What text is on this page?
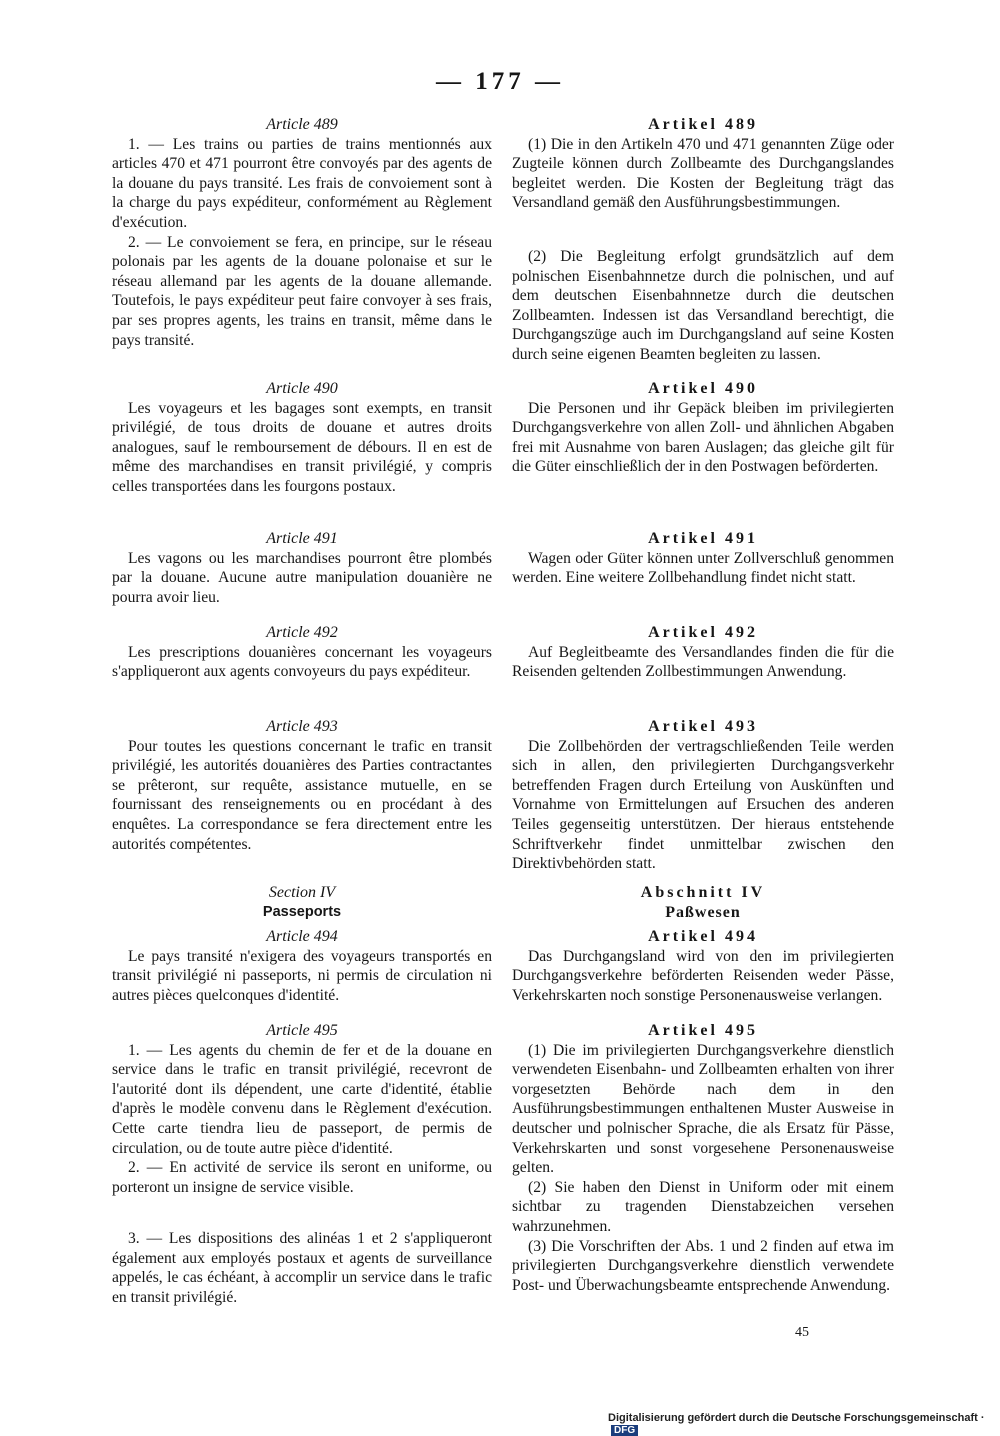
— 177 —
Article 489

1. — Les trains ou parties de trains mentionnés aux articles 470 et 471 pourront être convoyés par des agents de la douane du pays transité. Les frais de convoiement sont à la charge du pays expéditeur, conformément au Règlement d'exécution.

2. — Le convoiement se fera, en principe, sur le réseau polonais par les agents de la douane polonaise et sur le réseau allemand par les agents de la douane allemande. Toutefois, le pays expéditeur peut faire convoyer à ses frais, par ses propres agents, les trains en transit, même dans le pays transité.

Article 490

Les voyageurs et les bagages sont exempts, en transit privilégié, de tous droits de douane et autres droits analogues, sauf le remboursement de débours. Il en est de même des marchandises en transit privilégié, y compris celles transportées dans les fourgons postaux.

Article 491

Les vagons ou les marchandises pourront être plombés par la douane. Aucune autre manipulation douanière ne pourra avoir lieu.

Article 492

Les prescriptions douanières concernant les voyageurs s'appliqueront aux agents convoyeurs du pays expéditeur.

Article 493

Pour toutes les questions concernant le trafic en transit privilégié, les autorités douanières des Parties contractantes se prêteront, sur requête, assistance mutuelle, en se fournissant des renseignements ou en procédant à des enquêtes. La correspondance se fera directement entre les autorités compétentes.

Section IV
Passeports
Article 494

Le pays transité n'exigera des voyageurs transportés en transit privilégié ni passeports, ni permis de circulation ni autres pièces quelconques d'identité.

Article 495

1. — Les agents du chemin de fer et de la douane en service dans le trafic en transit privilégié, recevront de l'autorité dont ils dépendent, une carte d'identité, établie d'après le modèle convenu dans le Règlement d'exécution. Cette carte tiendra lieu de passeport, de permis de circulation, ou de toute autre pièce d'identité.

2. — En activité de service ils seront en uniforme, ou porteront un insigne de service visible.

3. — Les dispositions des alinéas 1 et 2 s'appliqueront également aux employés postaux et agents de surveillance appelés, le cas échéant, à accomplir un service dans le trafic en transit privilégié.

Artikel 489

(1) Die in den Artikeln 470 und 471 genannten Züge oder Zugteile können durch Zollbeamte des Durchgangslandes begleitet werden. Die Kosten der Begleitung trägt das Versandland gemäß den Ausführungsbestimmungen.

(2) Die Begleitung erfolgt grundsätzlich auf dem polnischen Eisenbahnnetze durch die polnischen, und auf dem deutschen Eisenbahnnetze durch die deutschen Zollbeamten. Indessen ist das Versandland berechtigt, die Durchgangszüge auch im Durchgangsland auf seine Kosten durch seine eigenen Beamten begleiten zu lassen.

Artikel 490

Die Personen und ihr Gepäck bleiben im privilegierten Durchgangsverkehre von allen Zoll- und ähnlichen Abgaben frei mit Ausnahme von baren Auslagen; das gleiche gilt für die Güter einschließlich der in den Postwagen beförderten.

Artikel 491

Wagen oder Güter können unter Zollverschluß genommen werden. Eine weitere Zollbehandlung findet nicht statt.

Artikel 492

Auf Begleitbeamte des Versandlandes finden die für die Reisenden geltenden Zollbestimmungen Anwendung.

Artikel 493

Die Zollbehörden der vertragschließenden Teile werden sich in allen, den privilegierten Durchgangsverkehr betreffenden Fragen durch Erteilung von Auskünften und Vornahme von Ermittelungen auf Ersuchen des anderen Teiles gegenseitig unterstützen. Der hieraus entstehende Schriftverkehr findet unmittelbar zwischen den Direktivbehörden statt.

Abschnitt IV
Paßwesen
Artikel 494

Das Durchgangsland wird von den im privilegierten Durchgangsverkehre beförderten Reisenden weder Pässe, Verkehrskarten noch sonstige Personenausweise verlangen.

Artikel 495

(1) Die im privilegierten Durchgangsverkehre dienstlich verwendeten Eisenbahn- und Zollbeamten erhalten von ihrer vorgesetzten Behörde nach dem in den Ausführungsbestimmungen enthaltenen Muster Ausweise in deutscher und polnischer Sprache, die als Ersatz für Pässe, Verkehrskarten und sonst vorgesehene Personenausweise gelten.

(2) Sie haben den Dienst in Uniform oder mit einem sichtbar zu tragenden Dienstabzeichen versehen wahrzunehmen.

(3) Die Vorschriften der Abs. 1 und 2 finden auf etwa im privilegierten Durchgangsverkehre dienstlich verwendete Post- und Überwachungsbeamte entsprechende Anwendung.

45
Digitalisierung gefördert durch die Deutsche Forschungsgemeinschaft · DFG
